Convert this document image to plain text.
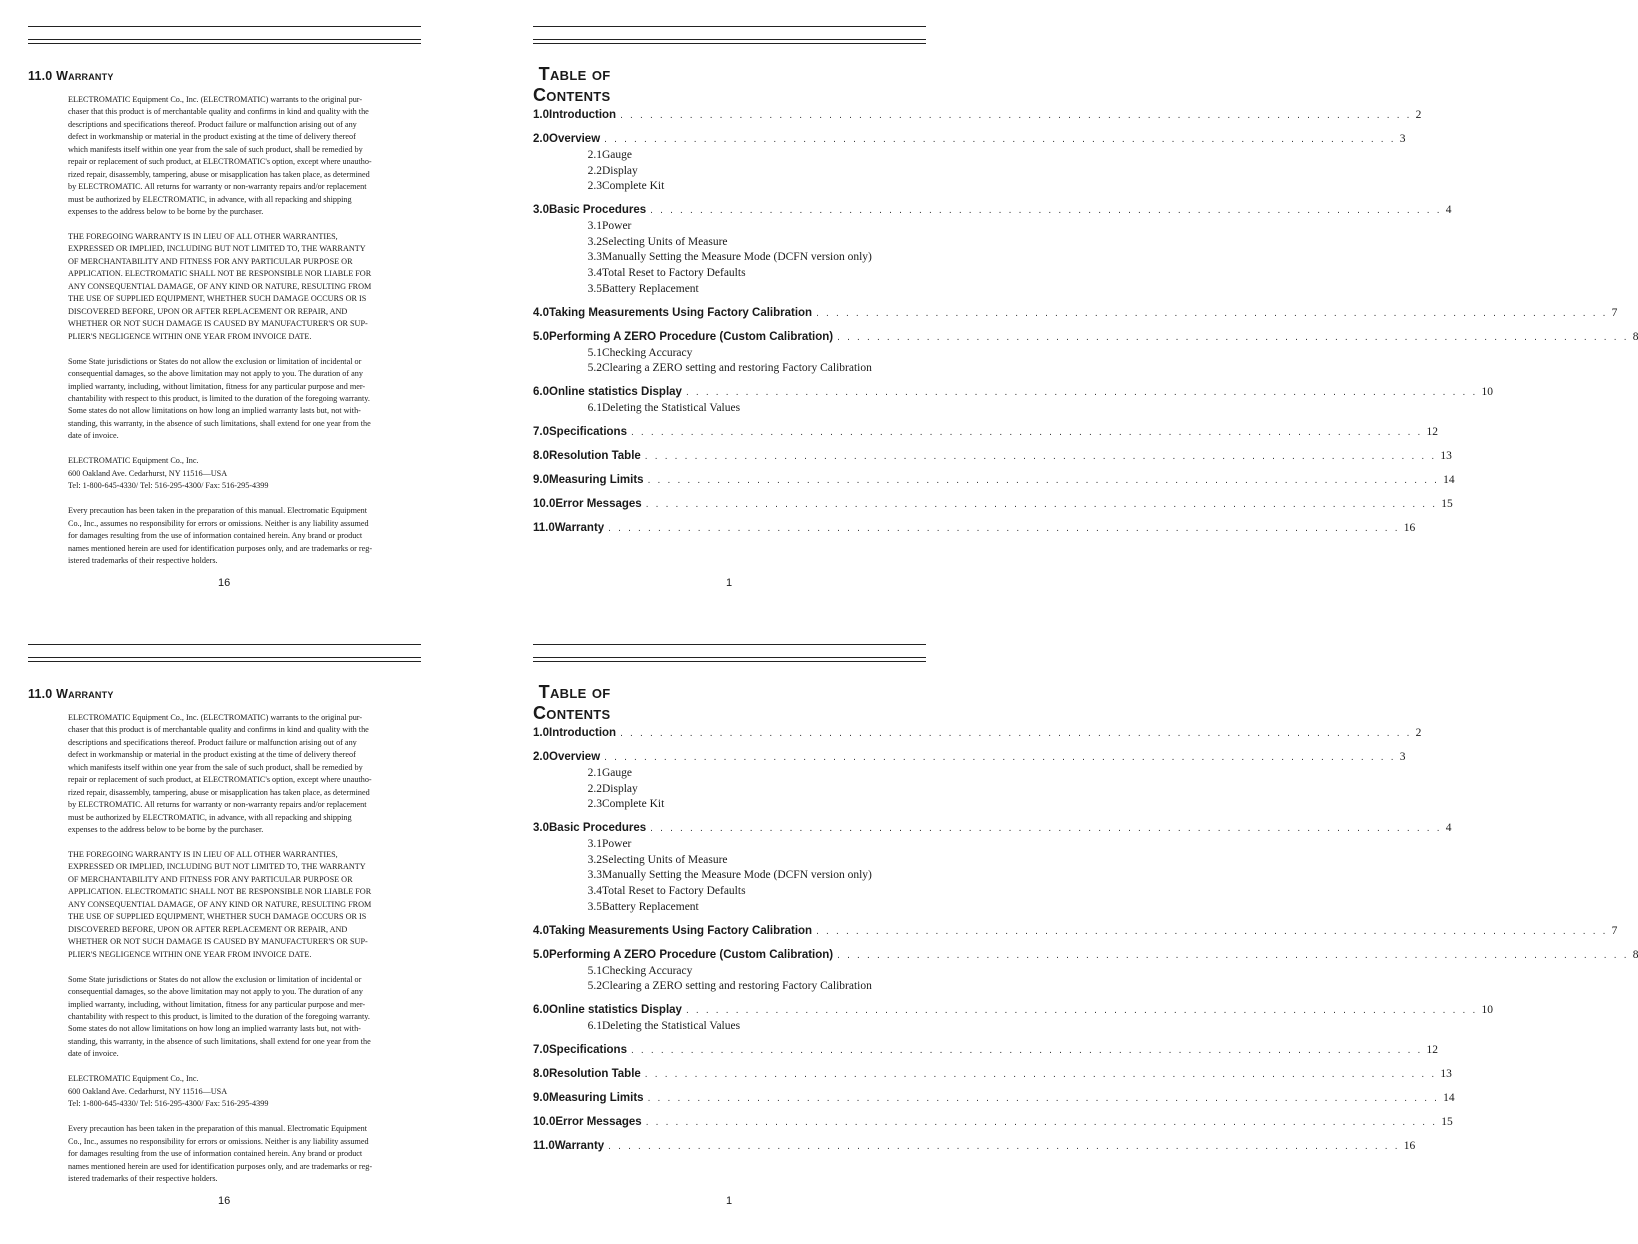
11.0 Warranty

ELECTROMATIC Equipment Co., Inc. (ELECTROMATIC) warrants to the original pur-
chaser that this product is of merchantable quality and confirms in kind and quality with the
descriptions and specifications thereof. Product failure or malfunction arising out of any
defect in workmanship or material in the product existing at the time of delivery thereof
which manifests itself within one year from the sale of such product, shall be remedied by
repair or replacement of such product, at ELECTROMATIC's option, except where unautho-
rized repair, disassembly, tampering, abuse or misapplication has taken place, as determined
by ELECTROMATIC. All returns for warranty or non-warranty repairs and/or replacement
must be authorized by ELECTROMATIC, in advance, with all repacking and shipping
expenses to the address below to be borne by the purchaser.

THE FOREGOING WARRANTY IS IN LIEU OF ALL OTHER WARRANTIES,
EXPRESSED OR IMPLIED, INCLUDING BUT NOT LIMITED TO, THE WARRANTY
OF MERCHANTABILITY AND FITNESS FOR ANY PARTICULAR PURPOSE OR
APPLICATION. ELECTROMATIC SHALL NOT BE RESPONSIBLE NOR LIABLE FOR
ANY CONSEQUENTIAL DAMAGE, OF ANY KIND OR NATURE, RESULTING FROM
THE USE OF SUPPLIED EQUIPMENT, WHETHER SUCH DAMAGE OCCURS OR IS
DISCOVERED BEFORE, UPON OR AFTER REPLACEMENT OR REPAIR, AND
WHETHER OR NOT SUCH DAMAGE IS CAUSED BY MANUFACTURER'S OR SUP-
PLIER'S NEGLIGENCE WITHIN ONE YEAR FROM INVOICE DATE.

Some State jurisdictions or States do not allow the exclusion or limitation of incidental or
consequential damages, so the above limitation may not apply to you. The duration of any
implied warranty, including, without limitation, fitness for any particular purpose and mer-
chantability with respect to this product, is limited to the duration of the foregoing warranty.
Some states do not allow limitations on how long an implied warranty lasts but, not with-
standing, this warranty, in the absence of such limitations, shall extend for one year from the
date of invoice.

ELECTROMATIC Equipment Co., Inc.
600 Oakland Ave. Cedarhurst, NY 11516—USA
Tel: 1-800-645-4330/ Tel: 516-295-4300/ Fax: 516-295-4399

Every precaution has been taken in the preparation of this manual. Electromatic Equipment
Co., Inc., assumes no responsibility for errors or omissions. Neither is any liability assumed
for damages resulting from the use of information contained herein. Any brand or product
names mentioned herein are used for identification purposes only, and are trademarks or reg-
istered trademarks of their respective holders.

16
Table of Contents
1.0 Introduction . . . . . . . . . . . . . . . . . . . . . . . . . . . . . . . . . . . . . . . . . . . . . . . . . . . . . . . . . . . . . . . . . . . . . . . . . . . . . . . . 2
2.0 Overview . . . . . . . . . . . . . . . . . . . . . . . . . . . . . . . . . . . . . . . . . . . . . . . . . . . . . . . . . . . . . . . . . . . . . . . . . . . . . . . . 3
2.1 Gauge
2.2 Display
2.3 Complete Kit
3.0 Basic Procedures . . . . . . . . . . . . . . . . . . . . . . . . . . . . . . . . . . . . . . . . . . . . . . . . . . . . . . . . . . . . . . . . . . . . . . . . . . . . . . . . 4
3.1 Power
3.2 Selecting Units of Measure
3.3 Manually Setting the Measure Mode (DCFN version only)
3.4 Total Reset to Factory Defaults
3.5 Battery Replacement
4.0 Taking Measurements Using Factory Calibration . . . . . . . . . . . . . . . . . . . . . . . . . . . . . . . . . . . . . . . . . . . . . . . . . . . . . . . . . . . . . . . . . . . . . . . . . . . . . . . . 7
5.0 Performing A ZERO Procedure (Custom Calibration) . . . . . . . . . . . . . . . . . . . . . . . . . . . . . . . . . . . . . . . . . . . . . . . . . . . . . . . . . . . . . . . . . . . . . . . . . . . . . . . . 8
5.1 Checking Accuracy
5.2 Clearing a ZERO setting and restoring Factory Calibration
6.0 Online statistics Display . . . . . . . . . . . . . . . . . . . . . . . . . . . . . . . . . . . . . . . . . . . . . . . . . . . . . . . . . . . . . . . . . . . . . . . . . . . . . . . . 10
6.1 Deleting the Statistical Values
7.0 Specifications . . . . . . . . . . . . . . . . . . . . . . . . . . . . . . . . . . . . . . . . . . . . . . . . . . . . . . . . . . . . . . . . . . . . . . . . . . . . . . . . 12
8.0 Resolution Table . . . . . . . . . . . . . . . . . . . . . . . . . . . . . . . . . . . . . . . . . . . . . . . . . . . . . . . . . . . . . . . . . . . . . . . . . . . . . . . . 13
9.0 Measuring Limits . . . . . . . . . . . . . . . . . . . . . . . . . . . . . . . . . . . . . . . . . . . . . . . . . . . . . . . . . . . . . . . . . . . . . . . . . . . . . . . . 14
10.0 Error Messages . . . . . . . . . . . . . . . . . . . . . . . . . . . . . . . . . . . . . . . . . . . . . . . . . . . . . . . . . . . . . . . . . . . . . . . . . . . . . . . . 15
11.0 Warranty . . . . . . . . . . . . . . . . . . . . . . . . . . . . . . . . . . . . . . . . . . . . . . . . . . . . . . . . . . . . . . . . . . . . . . . . . . . . . . . . 16
1
11.0 Warranty

ELECTROMATIC Equipment Co., Inc. (ELECTROMATIC) warrants to the original pur-
chaser that this product is of merchantable quality and confirms in kind and quality with the
descriptions and specifications thereof. Product failure or malfunction arising out of any
defect in workmanship or material in the product existing at the time of delivery thereof
which manifests itself within one year from the sale of such product, shall be remedied by
repair or replacement of such product, at ELECTROMATIC's option, except where unautho-
rized repair, disassembly, tampering, abuse or misapplication has taken place, as determined
by ELECTROMATIC. All returns for warranty or non-warranty repairs and/or replacement
must be authorized by ELECTROMATIC, in advance, with all repacking and shipping
expenses to the address below to be borne by the purchaser.

THE FOREGOING WARRANTY IS IN LIEU OF ALL OTHER WARRANTIES,
EXPRESSED OR IMPLIED, INCLUDING BUT NOT LIMITED TO, THE WARRANTY
OF MERCHANTABILITY AND FITNESS FOR ANY PARTICULAR PURPOSE OR
APPLICATION. ELECTROMATIC SHALL NOT BE RESPONSIBLE NOR LIABLE FOR
ANY CONSEQUENTIAL DAMAGE, OF ANY KIND OR NATURE, RESULTING FROM
THE USE OF SUPPLIED EQUIPMENT, WHETHER SUCH DAMAGE OCCURS OR IS
DISCOVERED BEFORE, UPON OR AFTER REPLACEMENT OR REPAIR, AND
WHETHER OR NOT SUCH DAMAGE IS CAUSED BY MANUFACTURER'S OR SUP-
PLIER'S NEGLIGENCE WITHIN ONE YEAR FROM INVOICE DATE.

Some State jurisdictions or States do not allow the exclusion or limitation of incidental or
consequential damages, so the above limitation may not apply to you. The duration of any
implied warranty, including, without limitation, fitness for any particular purpose and mer-
chantability with respect to this product, is limited to the duration of the foregoing warranty.
Some states do not allow limitations on how long an implied warranty lasts but, not with-
standing, this warranty, in the absence of such limitations, shall extend for one year from the
date of invoice.

ELECTROMATIC Equipment Co., Inc.
600 Oakland Ave. Cedarhurst, NY 11516—USA
Tel: 1-800-645-4330/ Tel: 516-295-4300/ Fax: 516-295-4399

Every precaution has been taken in the preparation of this manual. Electromatic Equipment
Co., Inc., assumes no responsibility for errors or omissions. Neither is any liability assumed
for damages resulting from the use of information contained herein. Any brand or product
names mentioned herein are used for identification purposes only, and are trademarks or reg-
istered trademarks of their respective holders.

16
Table of Contents
1.0 Introduction . . . . . . . . . . . . . . . . . . . . . . . . . . . . . . . . . . . . . . . . . . . . . . . . . . . . . . . . . . . . . . . . . . . . . . . . . . . . . . . . 2
2.0 Overview . . . . . . . . . . . . . . . . . . . . . . . . . . . . . . . . . . . . . . . . . . . . . . . . . . . . . . . . . . . . . . . . . . . . . . . . . . . . . . . . 3
2.1 Gauge
2.2 Display
2.3 Complete Kit
3.0 Basic Procedures . . . . . . . . . . . . . . . . . . . . . . . . . . . . . . . . . . . . . . . . . . . . . . . . . . . . . . . . . . . . . . . . . . . . . . . . . . . . . . . . 4
3.1 Power
3.2 Selecting Units of Measure
3.3 Manually Setting the Measure Mode (DCFN version only)
3.4 Total Reset to Factory Defaults
3.5 Battery Replacement
4.0 Taking Measurements Using Factory Calibration . . . . . . . . . . . . . . . . . . . . . . . . . . . . . . . . . . . . . . . . . . . . . . . . . . . . . . . . . . . . . . . . . . . . . . . . . . . . . . . . 7
5.0 Performing A ZERO Procedure (Custom Calibration) . . . . . . . . . . . . . . . . . . . . . . . . . . . . . . . . . . . . . . . . . . . . . . . . . . . . . . . . . . . . . . . . . . . . . . . . . . . . . . . . 8
5.1 Checking Accuracy
5.2 Clearing a ZERO setting and restoring Factory Calibration
6.0 Online statistics Display . . . . . . . . . . . . . . . . . . . . . . . . . . . . . . . . . . . . . . . . . . . . . . . . . . . . . . . . . . . . . . . . . . . . . . . . . . . . . . . . 10
6.1 Deleting the Statistical Values
7.0 Specifications . . . . . . . . . . . . . . . . . . . . . . . . . . . . . . . . . . . . . . . . . . . . . . . . . . . . . . . . . . . . . . . . . . . . . . . . . . . . . . . . 12
8.0 Resolution Table . . . . . . . . . . . . . . . . . . . . . . . . . . . . . . . . . . . . . . . . . . . . . . . . . . . . . . . . . . . . . . . . . . . . . . . . . . . . . . . . 13
9.0 Measuring Limits . . . . . . . . . . . . . . . . . . . . . . . . . . . . . . . . . . . . . . . . . . . . . . . . . . . . . . . . . . . . . . . . . . . . . . . . . . . . . . . . 14
10.0 Error Messages . . . . . . . . . . . . . . . . . . . . . . . . . . . . . . . . . . . . . . . . . . . . . . . . . . . . . . . . . . . . . . . . . . . . . . . . . . . . . . . . 15
11.0 Warranty . . . . . . . . . . . . . . . . . . . . . . . . . . . . . . . . . . . . . . . . . . . . . . . . . . . . . . . . . . . . . . . . . . . . . . . . . . . . . . . . 16
1
